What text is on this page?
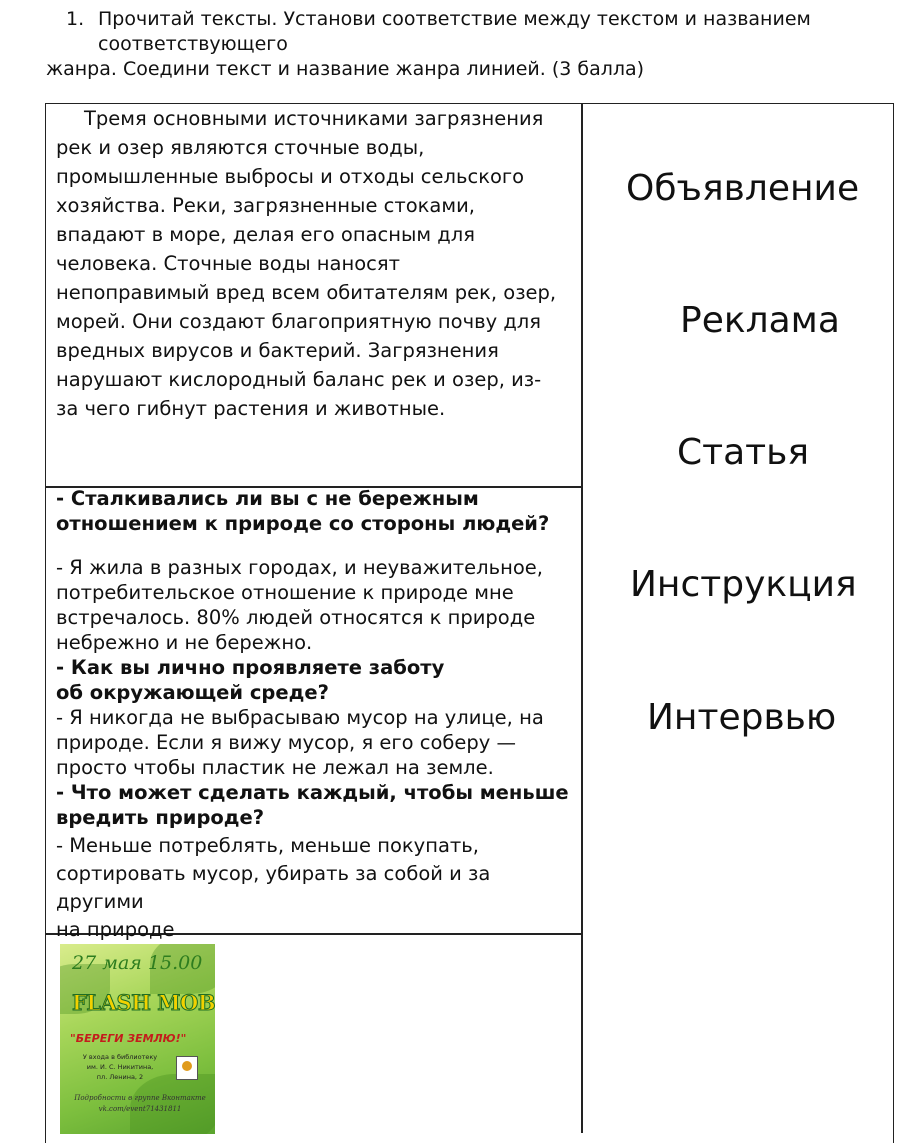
1. Прочитай тексты. Установи соответствие между текстом и названием
соответствующего
жанра. Соедини текст и название жанра линией. (3 балла)
Тремя основными источниками загрязнения
рек и озер являются сточные воды,
промышленные выбросы и отходы сельского
хозяйства. Реки, загрязненные стоками,
впадают в море, делая его опасным для
человека. Сточные воды наносят
непоправимый вред всем обитателям рек, озер,
морей. Они создают благоприятную почву для
вредных вирусов и бактерий. Загрязнения
нарушают кислородный баланс рек и озер, из-
за чего гибнут растения и животные.

- Сталкивались ли вы с не бережным
отношением к природе со стороны людей?

- Я жила в разных городах, и неуважительное,
потребительское отношение к природе мне
встречалось. 80% людей относятся к природе
небрежно и не бережно.

- Как вы лично проявляете заботу
об окружающей среде?

- Я никогда не выбрасываю мусор на улице, на
природе. Если я вижу мусор, я его соберу —
просто чтобы пластик не лежал на земле.

- Что может сделать каждый, чтобы меньше
вредить природе?

- Меньше потреблять, меньше покупать,
сортировать мусор, убирать за собой и за другими
на природе

Объявление
Реклама
Статья
Инструкция
Интервью
27 мая 15.00
FLASH MOB
"БЕРЕГИ ЗЕМЛЮ!"
У входа в библиотеку
им. И. С. Никитина,
пл. Ленина, 2
Подробности в группе Вконтакте
vk.com/event71431811
